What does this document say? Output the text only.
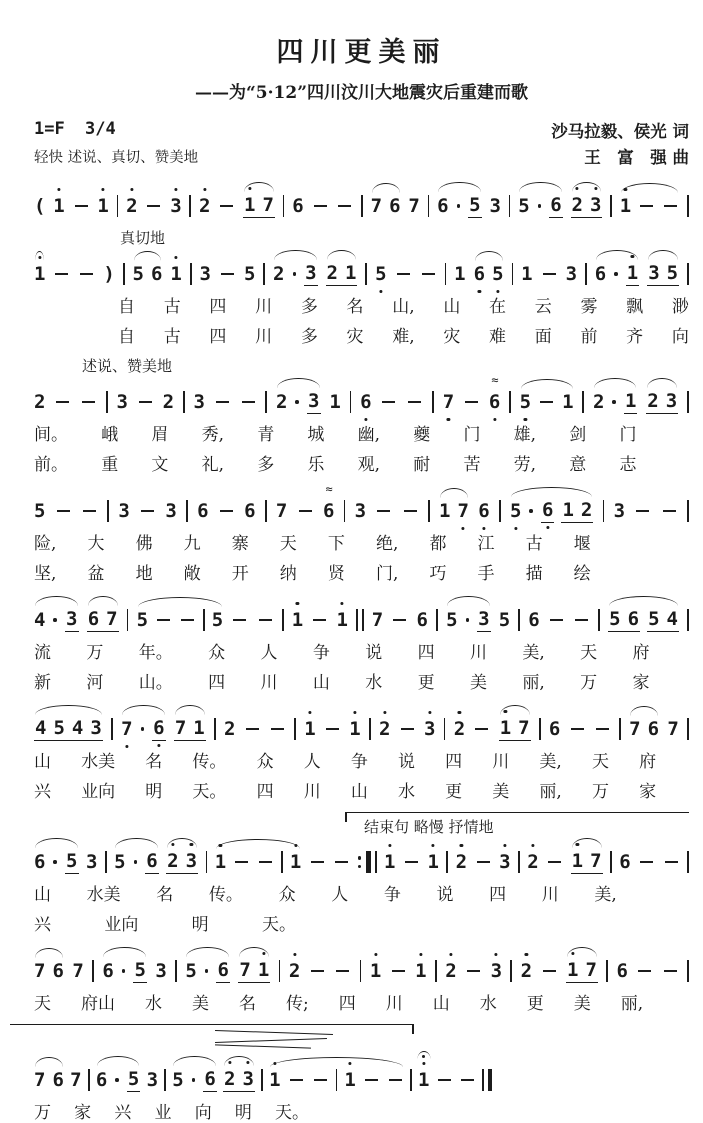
四川更美丽
——为“5·12”四川汶川大地震灾后重建而歌
1=F 3/4
轻快 述说、真切、赞美地
沙马拉毅、侯光 词
王　富　强 曲
( 1 1 2 3 2 1 7 6	7 6 7 6 5 3 5 6 2 3 1
真切地
1	) 5 6 1 3 5 2 3 2 1 5	1 6 5 1 3 6 1 3 5
自 古 四 川 多 名 山, 山 在 云 雾 飘 渺
自 古 四 川 多 灾 难, 灾 难 面 前 齐 向
述说、赞美地
2	3 2 3	2 3 1 6	7
≈
6 5 1 2 1 2 3
间。 峨 眉 秀, 青 城 幽, 夔 门 雄, 剑 门
前。 重 文 礼, 多 乐 观, 耐 苦 劳, 意 志
5	3 3 6 6 7
≈
6 3	1 7 6 5 6 1 2 3
险, 大 佛 九 寨 天 下 绝, 都 江 古 堰
坚, 盆 地 敞 开 纳 贤 门, 巧 手 描 绘
4 3 6 7 5	5	1 1 7 6 5 3 5 6	5 6 5 4
流 万 年。 众 人 争 说 四 川 美, 天 府
新 河 山。 四 川 山 水 更 美 丽, 万 家
4 5 4 3 7 6 7 1 2	1 1 2 3 2 1 7 6	7 6 7
山 水美 名 传。 众 人 争 说 四 川 美, 天 府
兴 业向 明 天。 四 川 山 水 更 美 丽, 万 家
结束句 略慢 抒情地
6 5 3 5 6 2 3 1	1	1 1 2 3 2 1 7 6
山 水美 名 传。 众 人 争 说 四 川 美,
兴	业向	明	天。
7 6 7 6 5 3 5 6 7 1 2	1 1 2 3 2 1 7 6
天 府山 水 美 名 传; 四 川 山 水 更 美 丽,
7 6 7 6 5 3 5 6 2 3 1	1	1
万 家 兴 业 向 明 天。
